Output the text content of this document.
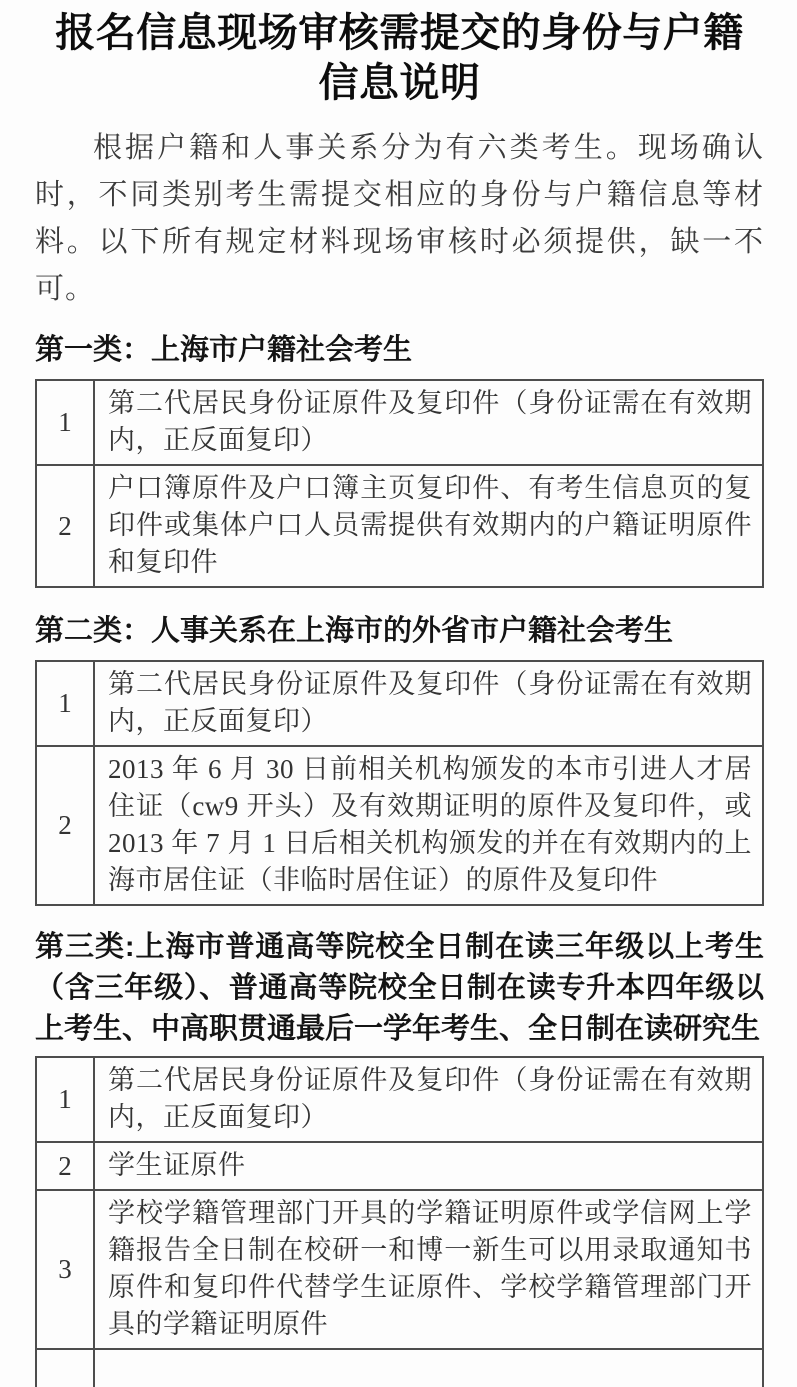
报名信息现场审核需提交的身份与户籍
信息说明

根据户籍和人事关系分为有六类考生。现场确认时，不同类别考生需提交相应的身份与户籍信息等材料。以下所有规定材料现场审核时必须提供，缺一不可。

第一类：上海市户籍社会考生
1	第二代居民身份证原件及复印件（身份证需在有效期内，正反面复印）
2	户口簿原件及户口簿主页复印件、有考生信息页的复印件或集体户口人员需提供有效期内的户籍证明原件和复印件
第二类：人事关系在上海市的外省市户籍社会考生
1	第二代居民身份证原件及复印件（身份证需在有效期内，正反面复印）
2	2013 年 6 月 30 日前相关机构颁发的本市引进人才居住证（cw9 开头）及有效期证明的原件及复印件，或 2013 年 7 月 1 日后相关机构颁发的并在有效期内的上海市居住证（非临时居住证）的原件及复印件
第三类:上海市普通高等院校全日制在读三年级以上考生（含三年级）、普通高等院校全日制在读专升本四年级以上考生、中高职贯通最后一学年考生、全日制在读研究生
1	第二代居民身份证原件及复印件（身份证需在有效期内，正反面复印）
2	学生证原件
3	学校学籍管理部门开具的学籍证明原件或学信网上学籍报告全日制在校研一和博一新生可以用录取通知书原件和复印件代替学生证原件、学校学籍管理部门开具的学籍证明原件
